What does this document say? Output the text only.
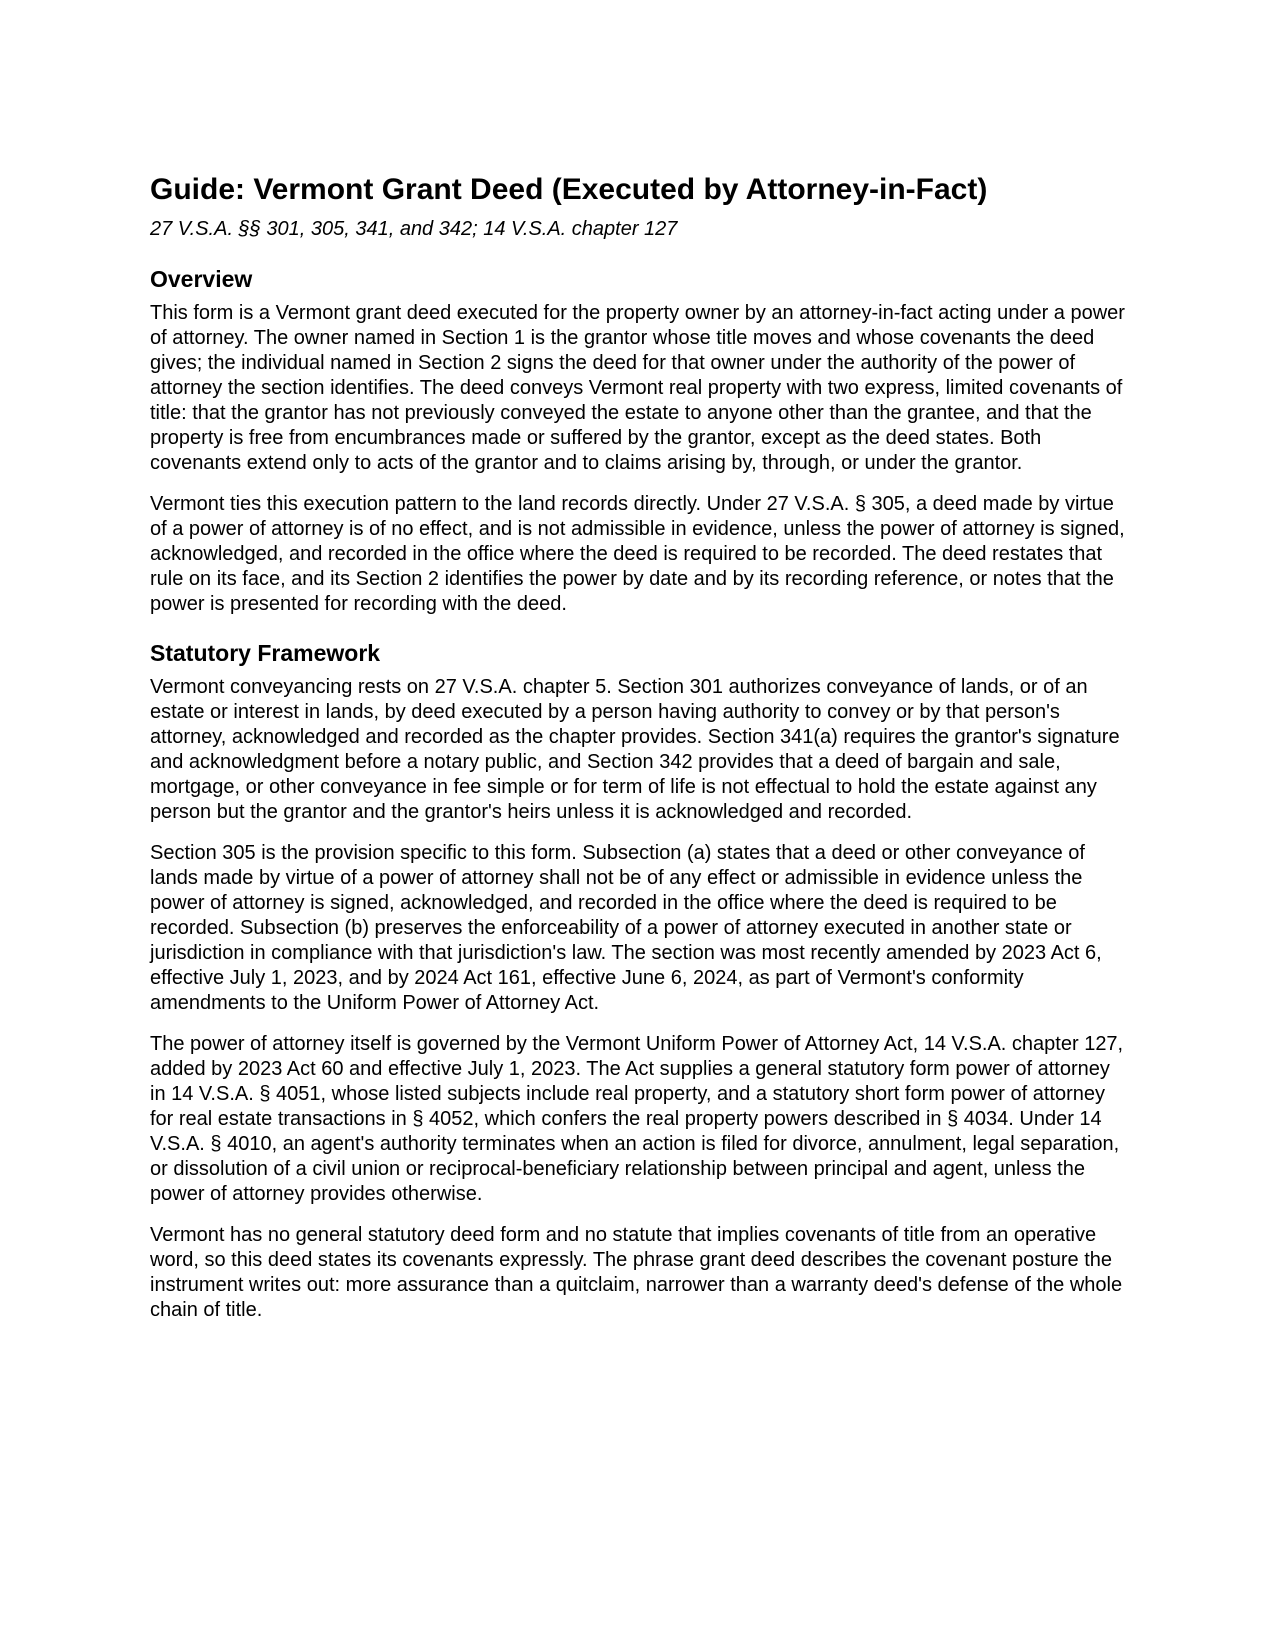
Guide: Vermont Grant Deed (Executed by Attorney-in-Fact)

27 V.S.A. §§ 301, 305, 341, and 342; 14 V.S.A. chapter 127

Overview

This form is a Vermont grant deed executed for the property owner by an attorney-in-fact acting under a power of attorney. The owner named in Section 1 is the grantor whose title moves and whose covenants the deed gives; the individual named in Section 2 signs the deed for that owner under the authority of the power of attorney the section identifies. The deed conveys Vermont real property with two express, limited covenants of title: that the grantor has not previously conveyed the estate to anyone other than the grantee, and that the property is free from encumbrances made or suffered by the grantor, except as the deed states. Both covenants extend only to acts of the grantor and to claims arising by, through, or under the grantor.

Vermont ties this execution pattern to the land records directly. Under 27 V.S.A. § 305, a deed made by virtue of a power of attorney is of no effect, and is not admissible in evidence, unless the power of attorney is signed, acknowledged, and recorded in the office where the deed is required to be recorded. The deed restates that rule on its face, and its Section 2 identifies the power by date and by its recording reference, or notes that the power is presented for recording with the deed.

Statutory Framework

Vermont conveyancing rests on 27 V.S.A. chapter 5. Section 301 authorizes conveyance of lands, or of an estate or interest in lands, by deed executed by a person having authority to convey or by that person's attorney, acknowledged and recorded as the chapter provides. Section 341(a) requires the grantor's signature and acknowledgment before a notary public, and Section 342 provides that a deed of bargain and sale, mortgage, or other conveyance in fee simple or for term of life is not effectual to hold the estate against any person but the grantor and the grantor's heirs unless it is acknowledged and recorded.

Section 305 is the provision specific to this form. Subsection (a) states that a deed or other conveyance of lands made by virtue of a power of attorney shall not be of any effect or admissible in evidence unless the power of attorney is signed, acknowledged, and recorded in the office where the deed is required to be recorded. Subsection (b) preserves the enforceability of a power of attorney executed in another state or jurisdiction in compliance with that jurisdiction's law. The section was most recently amended by 2023 Act 6, effective July 1, 2023, and by 2024 Act 161, effective June 6, 2024, as part of Vermont's conformity amendments to the Uniform Power of Attorney Act.

The power of attorney itself is governed by the Vermont Uniform Power of Attorney Act, 14 V.S.A. chapter 127, added by 2023 Act 60 and effective July 1, 2023. The Act supplies a general statutory form power of attorney in 14 V.S.A. § 4051, whose listed subjects include real property, and a statutory short form power of attorney for real estate transactions in § 4052, which confers the real property powers described in § 4034. Under 14 V.S.A. § 4010, an agent's authority terminates when an action is filed for divorce, annulment, legal separation, or dissolution of a civil union or reciprocal-beneficiary relationship between principal and agent, unless the power of attorney provides otherwise.

Vermont has no general statutory deed form and no statute that implies covenants of title from an operative word, so this deed states its covenants expressly. The phrase grant deed describes the covenant posture the instrument writes out: more assurance than a quitclaim, narrower than a warranty deed's defense of the whole chain of title.
